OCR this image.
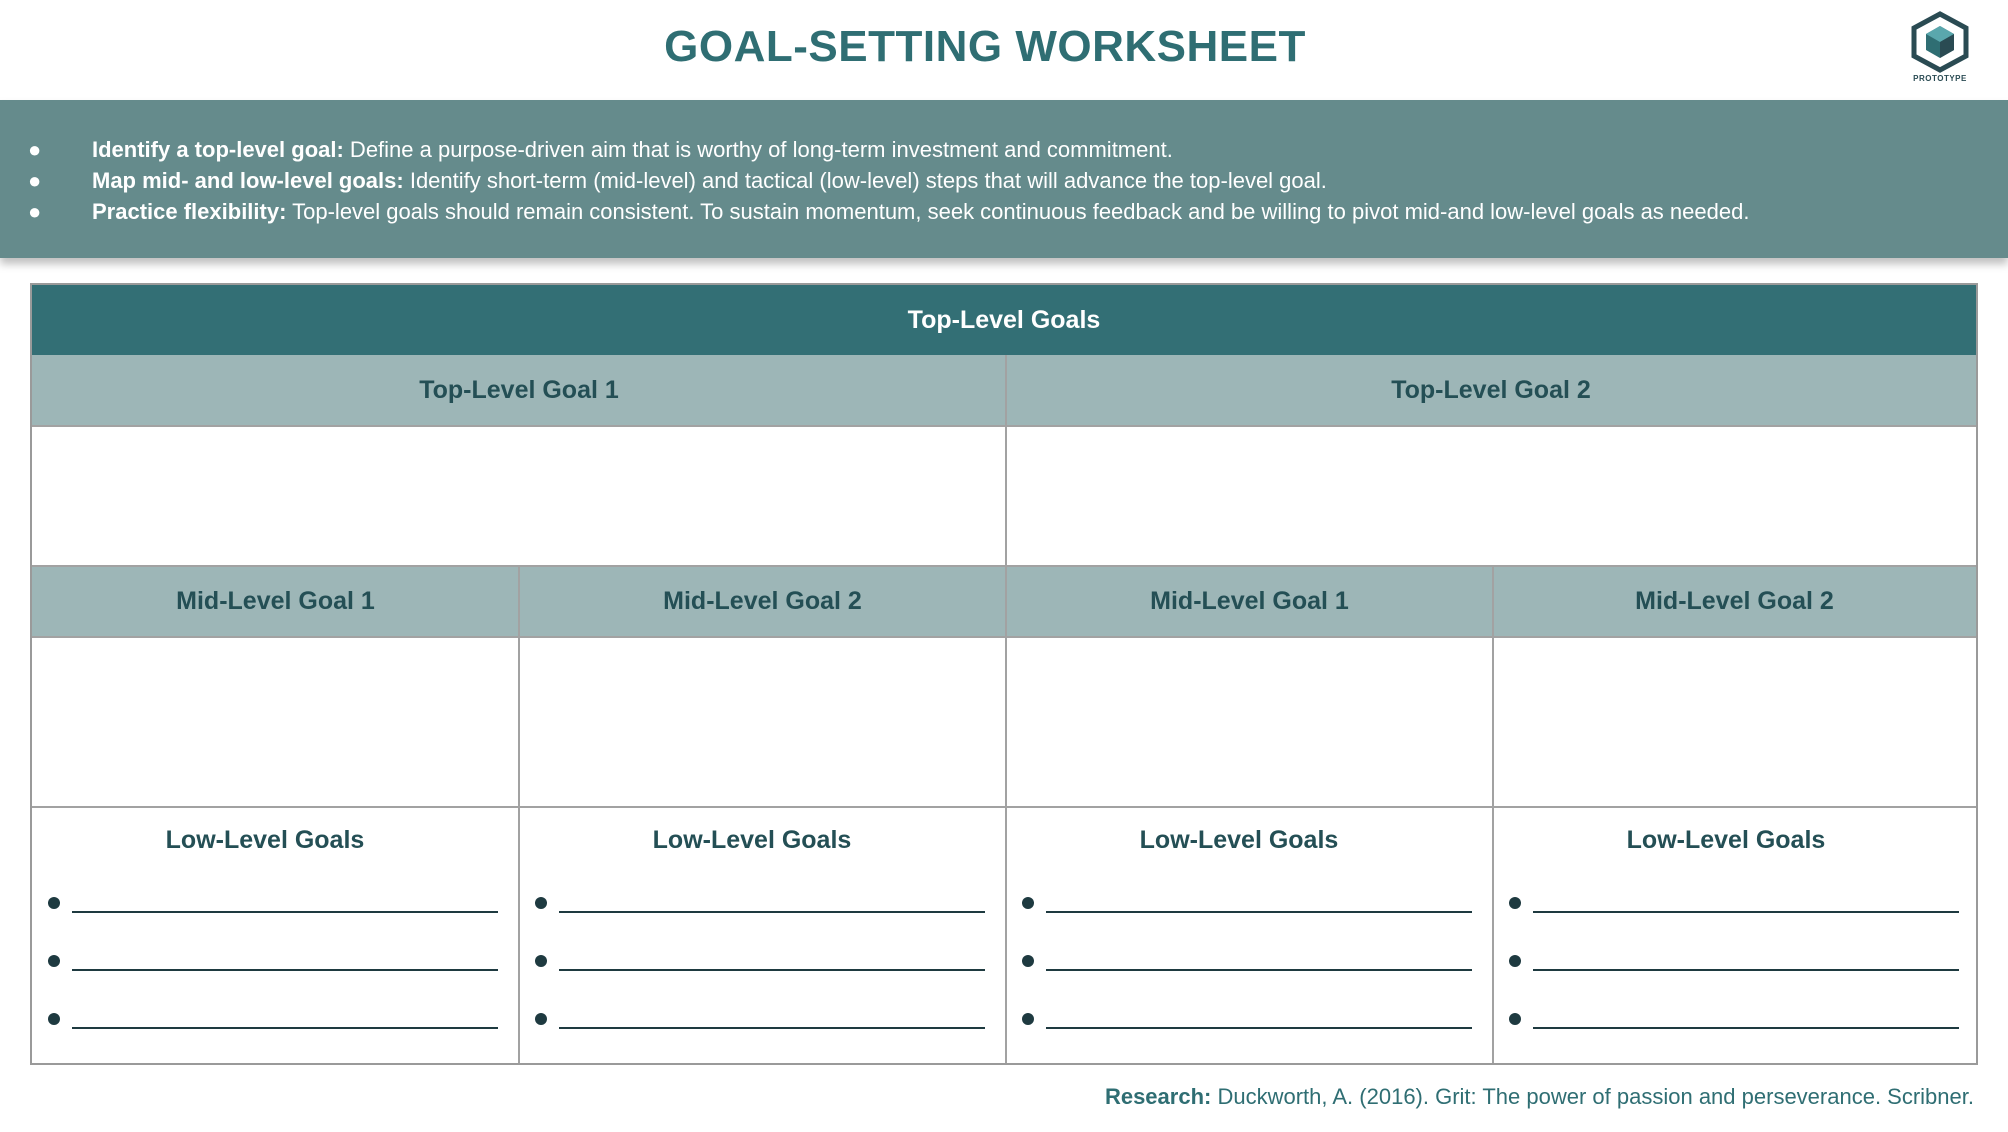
GOAL-SETTING WORKSHEET
PROTOTYPE
● Identify a top-level goal: Define a purpose-driven aim that is worthy of long-term investment and commitment.
● Map mid- and low-level goals: Identify short-term (mid-level) and tactical (low-level) steps that will advance the top-level goal.
● Practice flexibility: Top-level goals should remain consistent. To sustain momentum, seek continuous feedback and be willing to pivot mid-and low-level goals as needed.
Top-Level Goals
Top-Level Goal 1	Top-Level Goal 2
Mid-Level Goal 1	Mid-Level Goal 2	Mid-Level Goal 1	Mid-Level Goal 2
Low-Level Goals	Low-Level Goals	Low-Level Goals	Low-Level Goals
Research: Duckworth, A. (2016). Grit: The power of passion and perseverance. Scribner.
